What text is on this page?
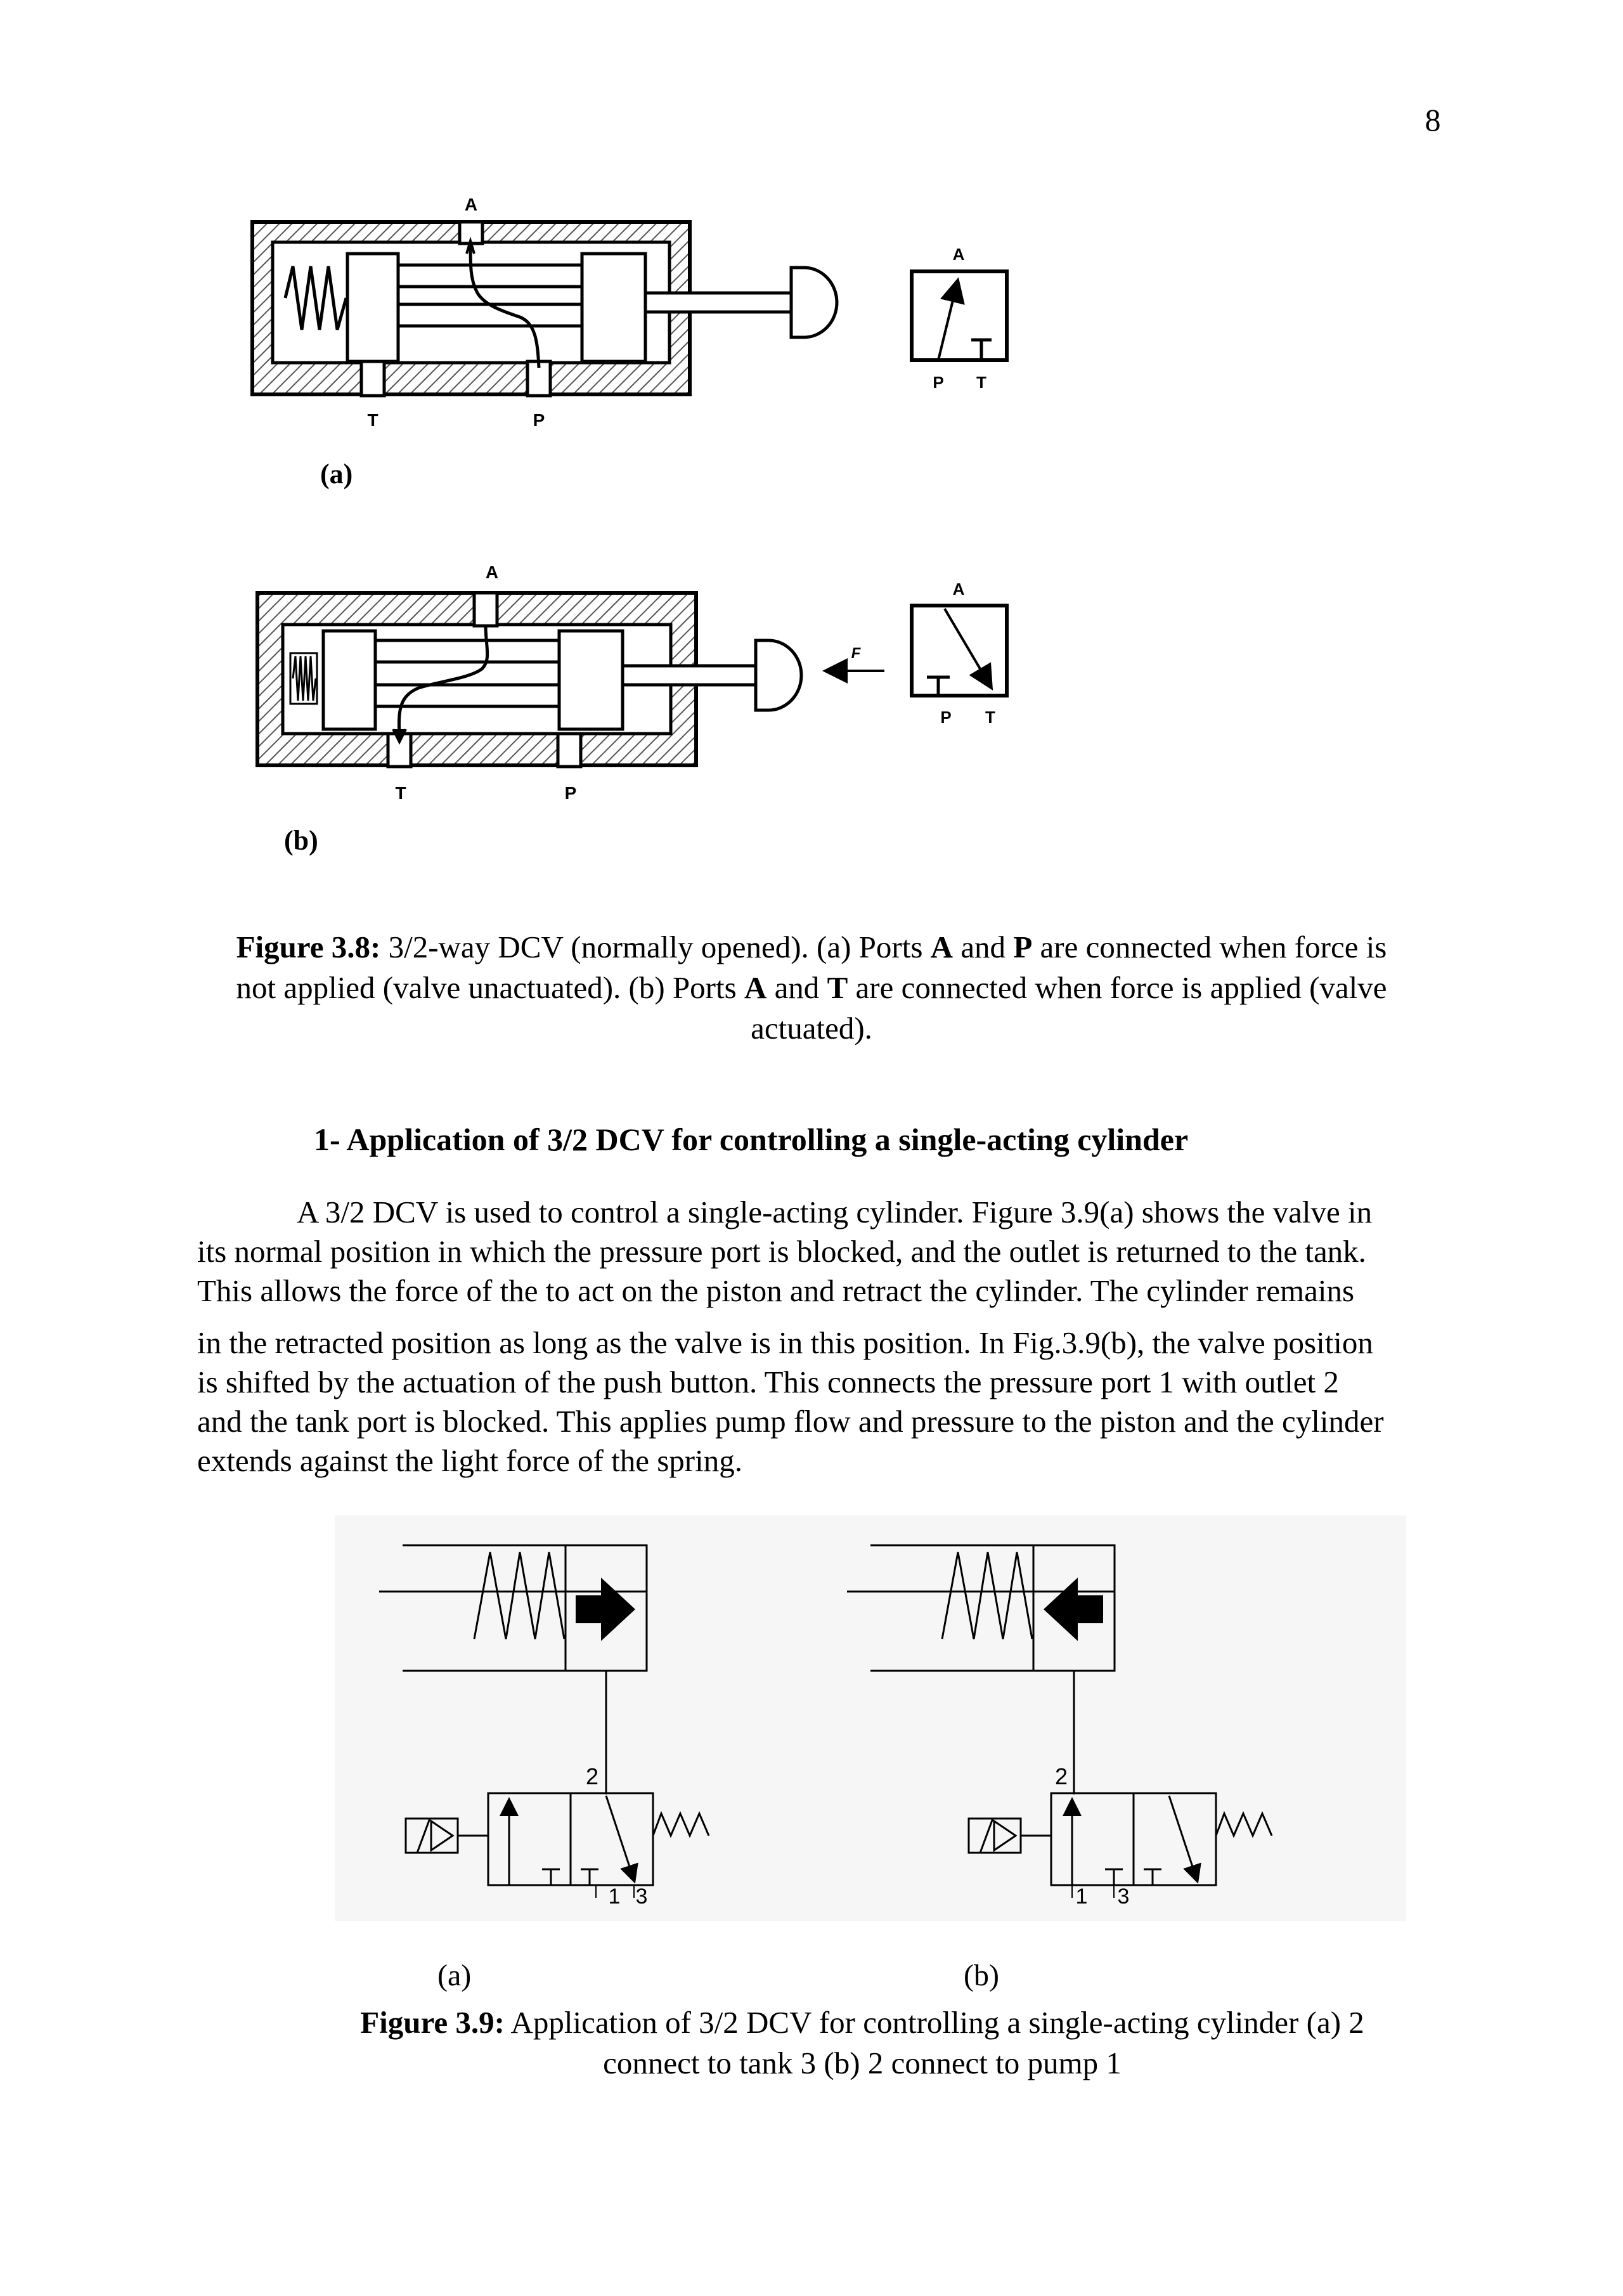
8
A
T	P
A
P T
F
A
T	P
A
P T
(a)
(b)
Figure 3.8: 3/2-way DCV (normally opened). (a) Ports A and P are connected when force is
not applied (valve unactuated). (b) Ports A and T are connected when force is applied (valve
actuated).
1- Application of 3/2 DCV for controlling a single-acting cylinder
A 3/2 DCV is used to control a single-acting cylinder. Figure 3.9(a) shows the valve in
its normal position in which the pressure port is blocked, and the outlet is returned to the tank.
This allows the force of the to act on the piston and retract the cylinder. The cylinder remains
in the retracted position as long as the valve is in this position. In Fig.3.9(b), the valve position
is shifted by the actuation of the push button. This connects the pressure port 1 with outlet 2
and the tank port is blocked. This applies pump flow and pressure to the piston and the cylinder
extends against the light force of the spring.
2
1 3
2
1 3
(a)	(b)
Figure 3.9: Application of 3/2 DCV for controlling a single-acting cylinder (a) 2
connect to tank 3 (b) 2 connect to pump 1
